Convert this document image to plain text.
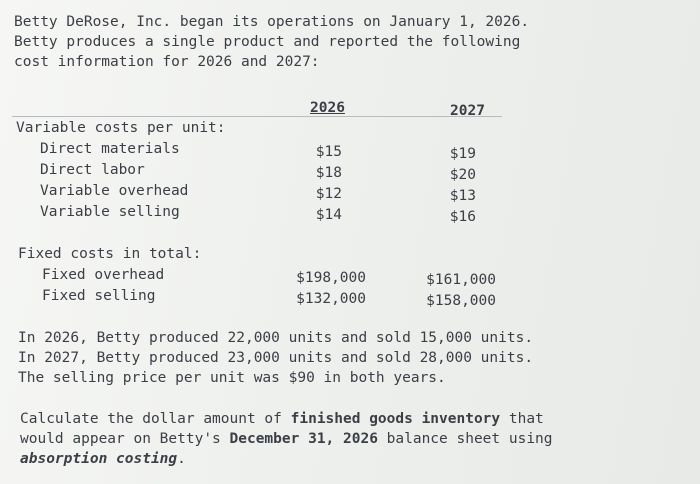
Betty DeRose, Inc. began its operations on January 1, 2026.
Betty produces a single product and reported the following
cost information for 2026 and 2027:
2026	2027
Variable costs per unit:
Direct materials	$15	$19
Direct labor	$18	$20
Variable overhead	$12	$13
Variable selling	$14	$16
Fixed costs in total:
Fixed overhead	$198,000	$161,000
Fixed selling	$132,000	$158,000
In 2026, Betty produced 22,000 units and sold 15,000 units.
In 2027, Betty produced 23,000 units and sold 28,000 units.
The selling price per unit was $90 in both years.
Calculate the dollar amount of finished goods inventory that
would appear on Betty's December 31, 2026 balance sheet using
absorption costing.
